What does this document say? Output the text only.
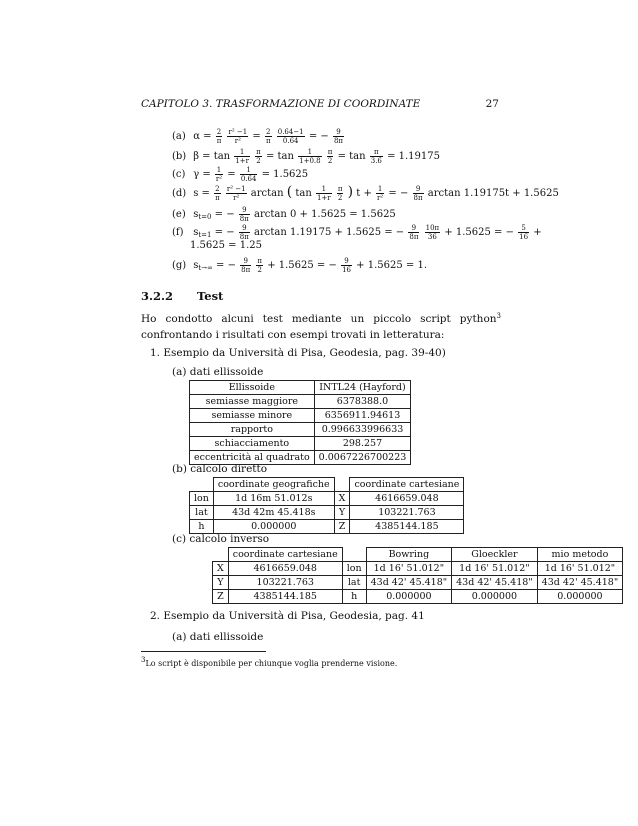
CAPITOLO 3. TRASFORMAZIONE DI COORDINATE	27
(a) $\alpha = \frac{2}{\pi}$
$\frac{\text{r² −1}}{\text{r²}} = \frac{2}{\pi}$
$\frac{0.64-1}{0.64}$ = − $\frac{9}{8\pi}$
(b) $\beta = \tan \frac{1}{1+r}$
$\frac{\pi}{2} = \tan \frac{1}{1+0.8}$
$\frac{\pi}{2} = \tan \frac{\pi}{3.6} = 1.19175$
(c) $\gamma = \frac{1}{\text{r²}} = \frac{1}{0.64} = 1.5625$
(d) $s = \frac{2}{\pi}$
$\frac{\text{r² −1}}{\text{r²}}$ arctan ( $\tan \frac{1}{1+r}$
$\frac{\pi}{2}$ ) $t + \frac{1}{\text{r²}}$ = − $\frac{9}{8\pi}$ arctan 1.19175t + 1.5625
(e) $s_{t=0}$ = − $\frac{9}{8\pi}$ arctan 0 + 1.5625 = 1.5625
(f) $s_{t=1}$ = − $\frac{9}{8\pi}$ arctan 1.19175 + 1.5625 = − $\frac{9}{8\pi}$
$\frac{10\pi}{36} + 1.5625$ = − $\frac{5}{16}$ +
1.5625 = 1.25
(g) $s_{t\to\infty}$ = − $\frac{9}{8\pi}$
$\frac{\pi}{2} + 1.5625$ = − $\frac{9}{16} + 1.5625 = 1$.
3.2.2 Test
Ho condotto alcuni test mediante un piccolo script python$^3$ confrontando i risultati con esempi trovati in letteratura:
1. Esempio da Università di Pisa, Geodesia, pag. 39-40)
(a) dati ellissoide
Ellissoide	INTL24 (Hayford)
semiasse maggiore	6378388.0
semiasse minore	6356911.94613
rapporto	0.996633996633
schiacciamento	298.257
eccentricità al quadrato	0.0067226700223
(b) calcolo diretto
	coordinate geografiche		coordinate cartesiane
lon	1d 16m 51.012s	X	4616659.048
lat	43d 42m 45.418s	Y	103221.763
h	0.000000	Z	4385144.185
(c) calcolo inverso
	coordinate cartesiane		Bowring	Gloeckler	mio metodo
X	4616659.048	lon	1d 16' 51.012"	1d 16' 51.012"	1d 16' 51.012"
Y	103221.763	lat	43d 42' 45.418"	43d 42' 45.418"	43d 42' 45.418"
Z	4385144.185	h	0.000000	0.000000	0.000000
2. Esempio da Università di Pisa, Geodesia, pag. 41
(a) dati ellissoide
3Lo script è disponibile per chiunque voglia prenderne visione.
